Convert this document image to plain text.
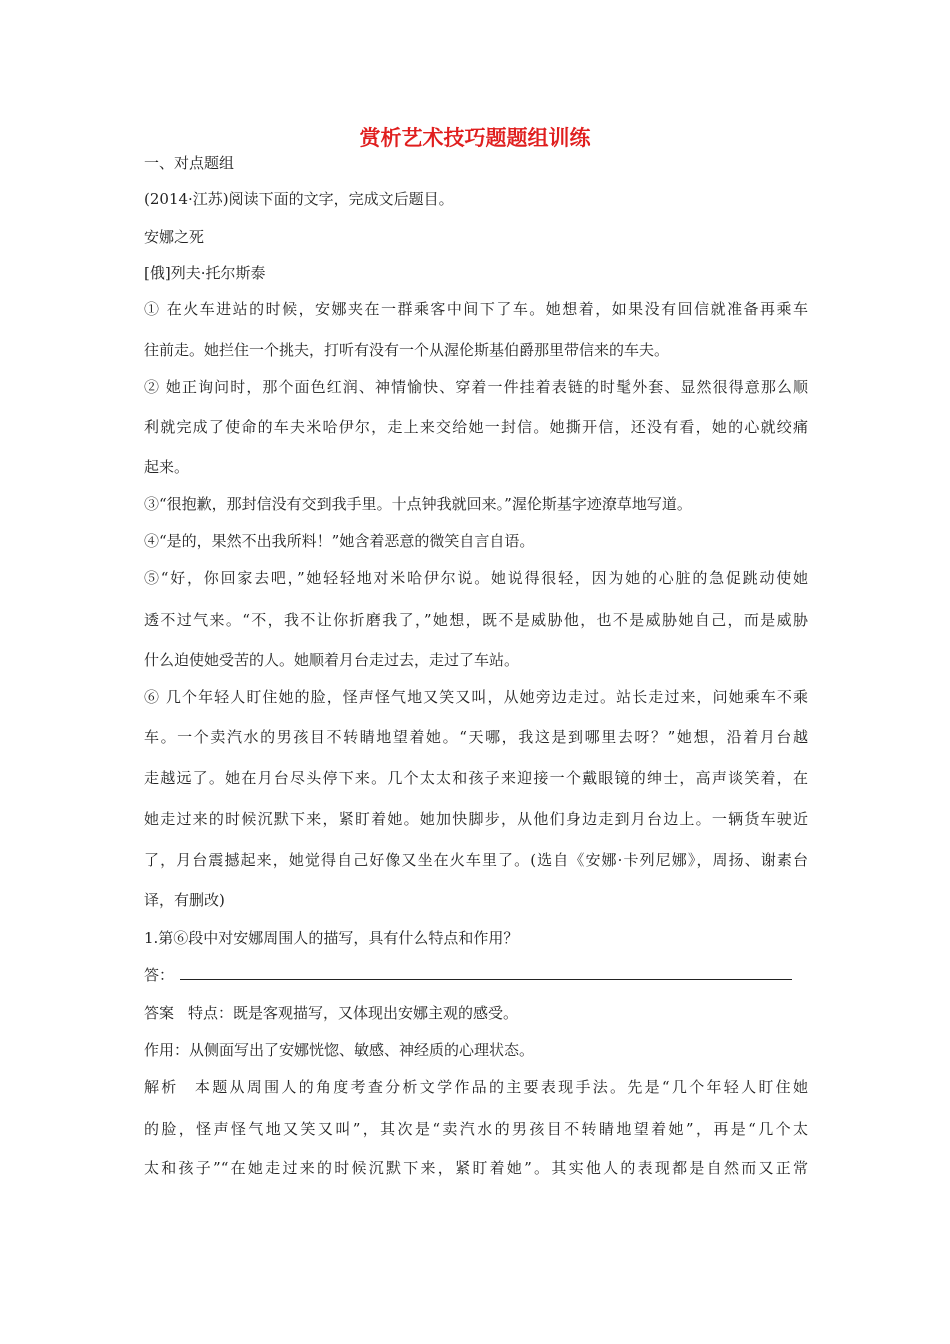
赏析艺术技巧题题组训练
一、对点题组
(2014·江苏)阅读下面的文字，完成文后题目。
安娜之死
[俄]列夫·托尔斯泰
① 在火车进站的时候，安娜夹在一群乘客中间下了车。她想着，如果没有回信就准备再乘车
往前走。她拦住一个挑夫，打听有没有一个从渥伦斯基伯爵那里带信来的车夫。
② 她正询问时，那个面色红润、神情愉快、穿着一件挂着表链的时髦外套、显然很得意那么顺
利就完成了使命的车夫米哈伊尔，走上来交给她一封信。她撕开信，还没有看，她的心就绞痛
起来。
③“很抱歉，那封信没有交到我手里。十点钟我就回来。”渥伦斯基字迹潦草地写道。
④“是的，果然不出我所料！”她含着恶意的微笑自言自语。
⑤“好，你回家去吧，”她轻轻地对米哈伊尔说。她说得很轻，因为她的心脏的急促跳动使她
透不过气来。“不，我不让你折磨我了，”她想，既不是威胁他，也不是威胁她自己，而是威胁
什么迫使她受苦的人。她顺着月台走过去，走过了车站。
⑥ 几个年轻人盯住她的脸，怪声怪气地又笑又叫，从她旁边走过。站长走过来，问她乘车不乘
车。一个卖汽水的男孩目不转睛地望着她。“天哪，我这是到哪里去呀？”她想，沿着月台越
走越远了。她在月台尽头停下来。几个太太和孩子来迎接一个戴眼镜的绅士，高声谈笑着，在
她走过来的时候沉默下来，紧盯着她。她加快脚步，从他们身边走到月台边上。一辆货车驶近
了，月台震撼起来，她觉得自己好像又坐在火车里了。(选自《安娜·卡列尼娜》，周扬、谢素台
译，有删改)
1.第⑥段中对安娜周围人的描写，具有什么特点和作用？
答：
答案 特点：既是客观描写，又体现出安娜主观的感受。
作用：从侧面写出了安娜恍惚、敏感、神经质的心理状态。
解析 本题从周围人的角度考查分析文学作品的主要表现手法。先是“几个年轻人盯住她
的脸，怪声怪气地又笑又叫”，其次是“卖汽水的男孩目不转睛地望着她”，再是“几个太
太和孩子”“在她走过来的时候沉默下来，紧盯着她”。其实他人的表现都是自然而又正常
